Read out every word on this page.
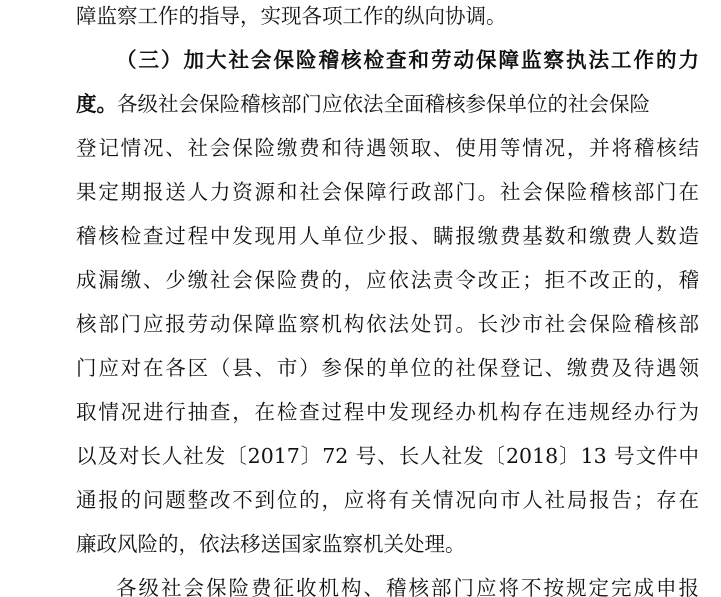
障监察工作的指导，实现各项工作的纵向协调。
（三）加大社会保险稽核检查和劳动保障监察执法工作的力
度。各级社会保险稽核部门应依法全面稽核参保单位的社会保险
登记情况、社会保险缴费和待遇领取、使用等情况，并将稽核结
果定期报送人力资源和社会保障行政部门。社会保险稽核部门在
稽核检查过程中发现用人单位少报、瞒报缴费基数和缴费人数造
成漏缴、少缴社会保险费的，应依法责令改正；拒不改正的，稽
核部门应报劳动保障监察机构依法处罚。长沙市社会保险稽核部
门应对在各区（县、市）参保的单位的社保登记、缴费及待遇领
取情况进行抽查，在检查过程中发现经办机构存在违规经办行为
以及对长人社发〔2017〕72 号、长人社发〔2018〕13 号文件中
通报的问题整改不到位的，应将有关情况向市人社局报告；存在
廉政风险的，依法移送国家监察机关处理。
各级社会保险费征收机构、稽核部门应将不按规定完成申报
